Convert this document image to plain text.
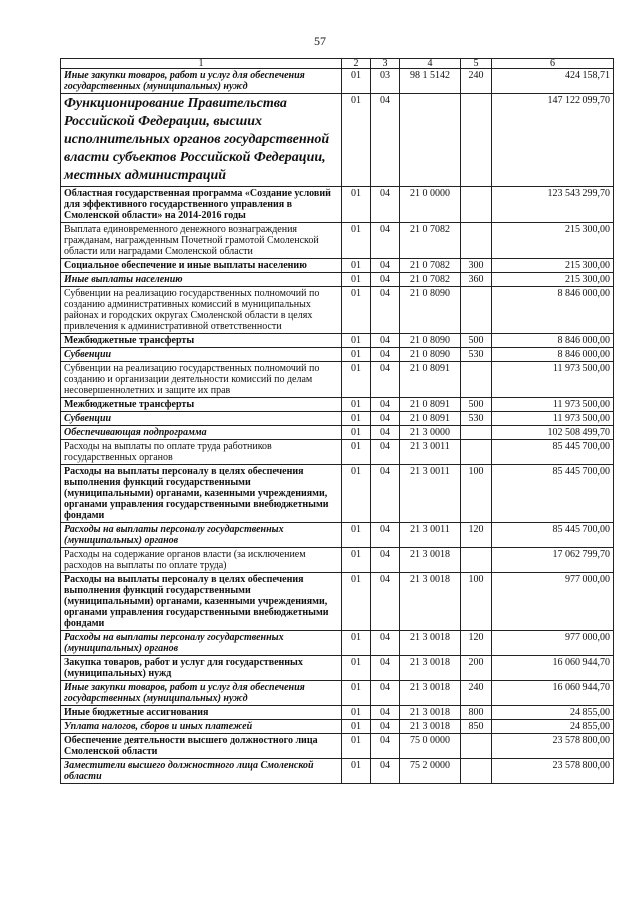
57
1	2	3	4	5	6
Иные закупки товаров, работ и услуг для обеспечения государственных (муниципальных) нужд	01	03	98 1 5142	240	424 158,71
Функционирование Правительства Российской Федерации, высших исполнительных органов государственной власти субъектов Российской Федерации, местных администраций	01	04			147 122 099,70
Областная государственная программа «Создание условий для эффективного государственного управления в Смоленской области» на 2014-2016 годы	01	04	21 0 0000		123 543 299,70
Выплата единовременного денежного вознаграждения гражданам, награжденным Почетной грамотой Смоленской области или наградами Смоленской области	01	04	21 0 7082		215 300,00
Социальное обеспечение и иные выплаты населению	01	04	21 0 7082	300	215 300,00
Иные выплаты населению	01	04	21 0 7082	360	215 300,00
Субвенции на реализацию государственных полномочий по созданию административных комиссий в муниципальных районах и городских округах Смоленской области в целях привлечения к административной ответственности	01	04	21 0 8090		8 846 000,00
Межбюджетные трансферты	01	04	21 0 8090	500	8 846 000,00
Субвенции	01	04	21 0 8090	530	8 846 000,00
Субвенции на реализацию государственных полномочий по созданию и организации деятельности комиссий по делам несовершеннолетних и защите их прав	01	04	21 0 8091		11 973 500,00
Межбюджетные трансферты	01	04	21 0 8091	500	11 973 500,00
Субвенции	01	04	21 0 8091	530	11 973 500,00
Обеспечивающая подпрограмма	01	04	21 3 0000		102 508 499,70
Расходы на выплаты по оплате труда работников государственных органов	01	04	21 3 0011		85 445 700,00
Расходы на выплаты персоналу в целях обеспечения выполнения функций государственными (муниципальными) органами, казенными учреждениями, органами управления государственными внебюджетными фондами	01	04	21 3 0011	100	85 445 700,00
Расходы на выплаты персоналу государственных (муниципальных) органов	01	04	21 3 0011	120	85 445 700,00
Расходы на содержание органов власти (за исключением расходов на выплаты по оплате труда)	01	04	21 3 0018		17 062 799,70
Расходы на выплаты персоналу в целях обеспечения выполнения функций государственными (муниципальными) органами, казенными учреждениями, органами управления государственными внебюджетными фондами	01	04	21 3 0018	100	977 000,00
Расходы на выплаты персоналу государственных (муниципальных) органов	01	04	21 3 0018	120	977 000,00
Закупка товаров, работ и услуг для государственных (муниципальных) нужд	01	04	21 3 0018	200	16 060 944,70
Иные закупки товаров, работ и услуг для обеспечения государственных (муниципальных) нужд	01	04	21 3 0018	240	16 060 944,70
Иные бюджетные ассигнования	01	04	21 3 0018	800	24 855,00
Уплата налогов, сборов и иных платежей	01	04	21 3 0018	850	24 855,00
Обеспечение деятельности высшего должностного лица Смоленской области	01	04	75 0 0000		23 578 800,00
Заместители высшего должностного лица Смоленской области	01	04	75 2 0000		23 578 800,00
